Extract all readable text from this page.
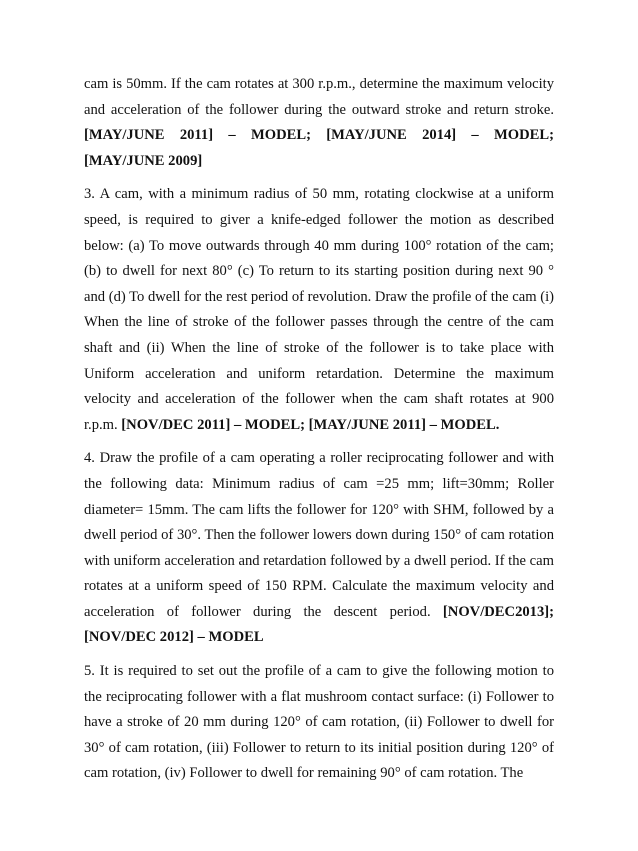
cam is 50mm. If the cam rotates at 300 r.p.m., determine the maximum velocity and acceleration of the follower during the outward stroke and return stroke. [MAY/JUNE 2011] – MODEL; [MAY/JUNE 2014] – MODEL; [MAY/JUNE 2009]

3. A cam, with a minimum radius of 50 mm, rotating clockwise at a uniform speed, is required to giver a knife-edged follower the motion as described below: (a) To move outwards through 40 mm during 100° rotation of the cam; (b) to dwell for next 80° (c) To return to its starting position during next 90 ° and (d) To dwell for the rest period of revolution. Draw the profile of the cam (i) When the line of stroke of the follower passes through the centre of the cam shaft and (ii) When the line of stroke of the follower is to take place with Uniform acceleration and uniform retardation. Determine the maximum velocity and acceleration of the follower when the cam shaft rotates at 900 r.p.m. [NOV/DEC 2011] – MODEL; [MAY/JUNE 2011] – MODEL.

4. Draw the profile of a cam operating a roller reciprocating follower and with the following data: Minimum radius of cam =25 mm; lift=30mm; Roller diameter= 15mm. The cam lifts the follower for 120° with SHM, followed by a dwell period of 30°. Then the follower lowers down during 150° of cam rotation with uniform acceleration and retardation followed by a dwell period. If the cam rotates at a uniform speed of 150 RPM. Calculate the maximum velocity and acceleration of follower during the descent period. [NOV/DEC2013]; [NOV/DEC 2012] – MODEL

5. It is required to set out the profile of a cam to give the following motion to the reciprocating follower with a flat mushroom contact surface: (i) Follower to have a stroke of 20 mm during 120° of cam rotation, (ii) Follower to dwell for 30° of cam rotation, (iii) Follower to return to its initial position during 120° of cam rotation, (iv) Follower to dwell for remaining 90° of cam rotation. The
